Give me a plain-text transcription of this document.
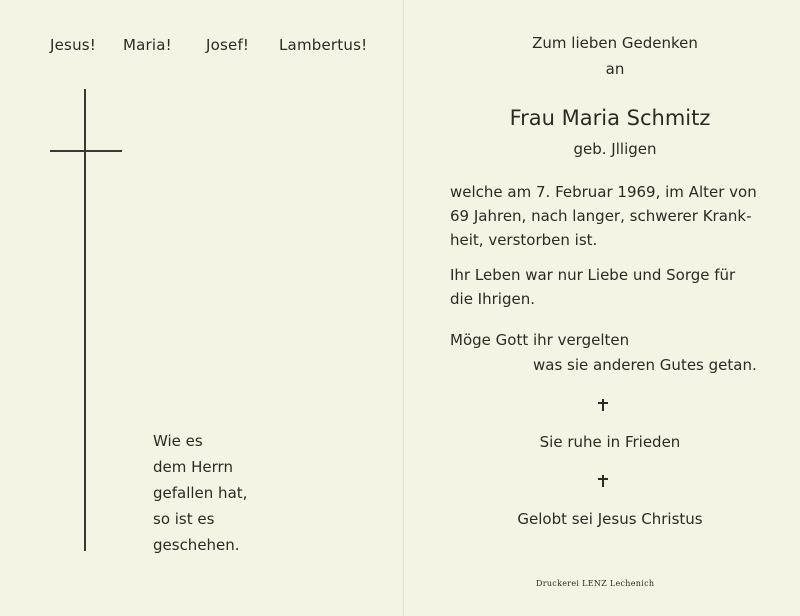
Jesus! Maria! Josef! Lambertus!
Wie es
dem Herrn
gefallen hat,
so ist es
geschehen.
Zum lieben Gedenken
an
Frau Maria Schmitz
geb. Jlligen
welche am 7. Februar 1969, im Alter von
69 Jahren, nach langer, schwerer Krank-
heit, verstorben ist.
Ihr Leben war nur Liebe und Sorge für
die Ihrigen.
Möge Gott ihr vergelten
was sie anderen Gutes getan.
Sie ruhe in Frieden
Gelobt sei Jesus Christus
Druckerei LENZ Lechenich
